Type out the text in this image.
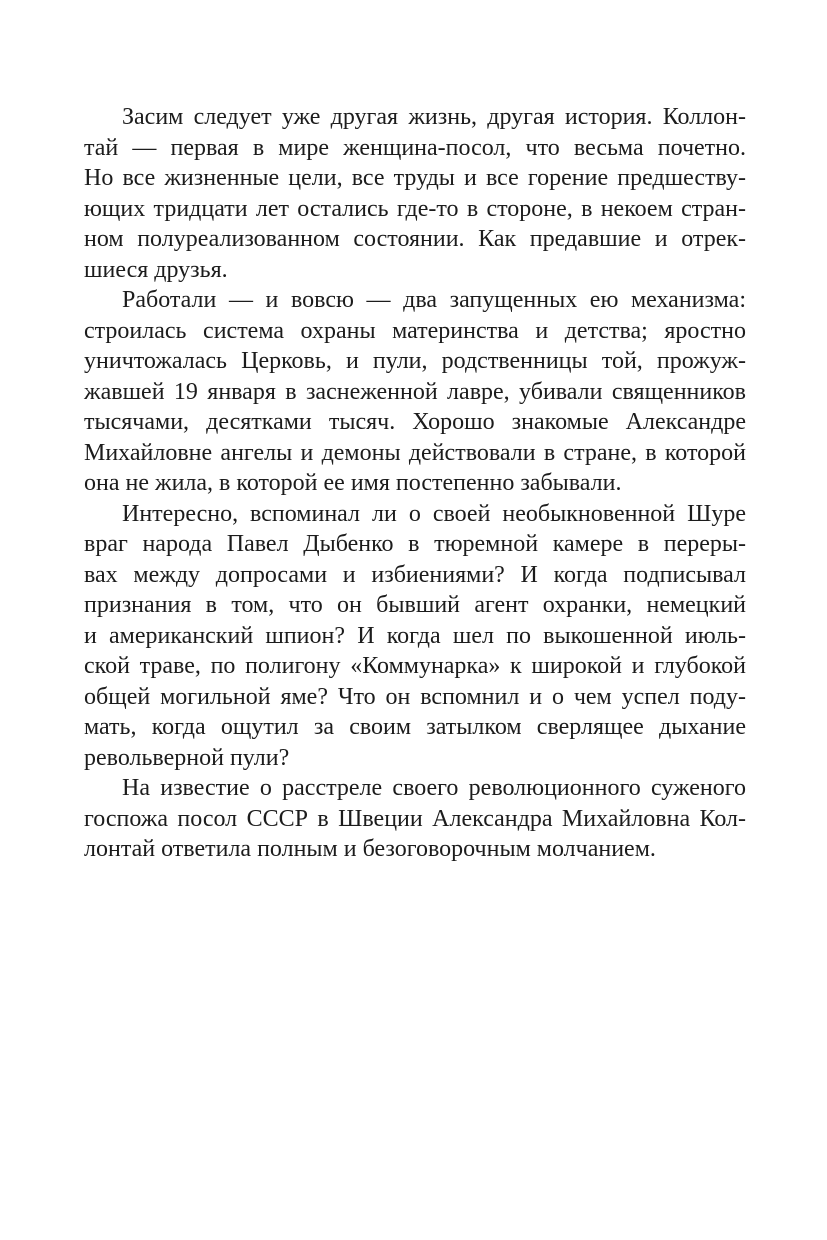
Засим следует уже другая жизнь, другая история. Коллон-
тай — первая в мире женщина-посол, что весьма почетно.
Но все жизненные цели, все труды и все горение предшеству-
ющих тридцати лет остались где-то в стороне, в некоем стран-
ном полуреализованном состоянии. Как предавшие и отрек-
шиеся друзья.
Работали — и вовсю — два запущенных ею механизма:
строилась система охраны материнства и детства; яростно
уничтожалась Церковь, и пули, родственницы той, прожуж-
жавшей 19 января в заснеженной лавре, убивали священников
тысячами, десятками тысяч. Хорошо знакомые Александре
Михайловне ангелы и демоны действовали в стране, в которой
она не жила, в которой ее имя постепенно забывали.
Интересно, вспоминал ли о своей необыкновенной Шуре
враг народа Павел Дыбенко в тюремной камере в переры-
вах между допросами и избиениями? И когда подписывал
признания в том, что он бывший агент охранки, немецкий
и американский шпион? И когда шел по выкошенной июль-
ской траве, по полигону «Коммунарка» к широкой и глубокой
общей могильной яме? Что он вспомнил и о чем успел поду-
мать, когда ощутил за своим затылком сверлящее дыхание
револьверной пули?
На известие о расстреле своего революционного суженого
госпожа посол СССР в Швеции Александра Михайловна Кол-
лонтай ответила полным и безоговорочным молчанием.
